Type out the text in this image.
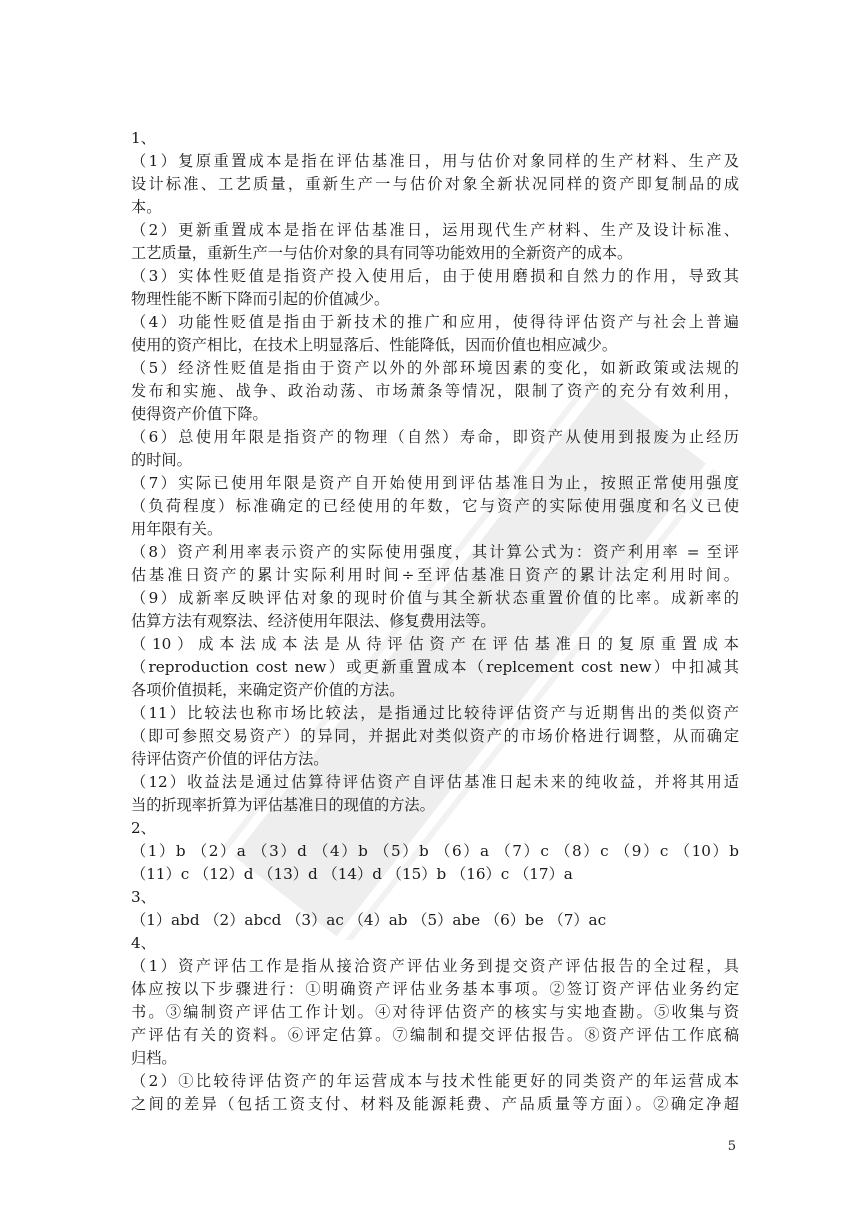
1、
（1）复原重置成本是指在评估基准日，用与估价对象同样的生产材料、生产及
设计标准、工艺质量，重新生产一与估价对象全新状况同样的资产即复制品的成
本。
（2）更新重置成本是指在评估基准日，运用现代生产材料、生产及设计标准、
工艺质量，重新生产一与估价对象的具有同等功能效用的全新资产的成本。
（3）实体性贬值是指资产投入使用后，由于使用磨损和自然力的作用，导致其
物理性能不断下降而引起的价值减少。
（4）功能性贬值是指由于新技术的推广和应用，使得待评估资产与社会上普遍
使用的资产相比，在技术上明显落后、性能降低，因而价值也相应减少。
（5）经济性贬值是指由于资产以外的外部环境因素的变化，如新政策或法规的
发布和实施、战争、政治动荡、市场萧条等情况，限制了资产的充分有效利用，
使得资产价值下降。
（6）总使用年限是指资产的物理（自然）寿命，即资产从使用到报废为止经历
的时间。
（7）实际已使用年限是资产自开始使用到评估基准日为止，按照正常使用强度
（负荷程度）标准确定的已经使用的年数，它与资产的实际使用强度和名义已使
用年限有关。
（8）资产利用率表示资产的实际使用强度，其计算公式为：资产利用率 = 至评
估基准日资产的累计实际利用时间÷至评估基准日资产的累计法定利用时间。
（9）成新率反映评估对象的现时价值与其全新状态重置价值的比率。成新率的
估算方法有观察法、经济使用年限法、修复费用法等。
（10）成本法成本法是从待评估资产在评估基准日的复原重置成本
（reproduction cost new）或更新重置成本（replcement cost new）中扣减其
各项价值损耗，来确定资产价值的方法。
（11）比较法也称市场比较法，是指通过比较待评估资产与近期售出的类似资产
（即可参照交易资产）的异同，并据此对类似资产的市场价格进行调整，从而确定
待评估资产价值的评估方法。
（12）收益法是通过估算待评估资产自评估基准日起未来的纯收益，并将其用适
当的折现率折算为评估基准日的现值的方法。
2、
（1）b （2）a （3）d （4）b （5）b （6）a （7）c （8）c （9）c （10）b
（11）c （12）d （13）d （14）d （15）b （16）c （17）a
3、
（1）abd （2）abcd （3）ac （4）ab （5）abe （6）be （7）ac
4、
（1）资产评估工作是指从接洽资产评估业务到提交资产评估报告的全过程，具
体应按以下步骤进行：①明确资产评估业务基本事项。②签订资产评估业务约定
书。③编制资产评估工作计划。④对待评估资产的核实与实地查勘。⑤收集与资
产评估有关的资料。⑥评定估算。⑦编制和提交评估报告。⑧资产评估工作底稿
归档。
（2）①比较待评估资产的年运营成本与技术性能更好的同类资产的年运营成本
之间的差异（包括工资支付、材料及能源耗费、产品质量等方面）。②确定净超
5
